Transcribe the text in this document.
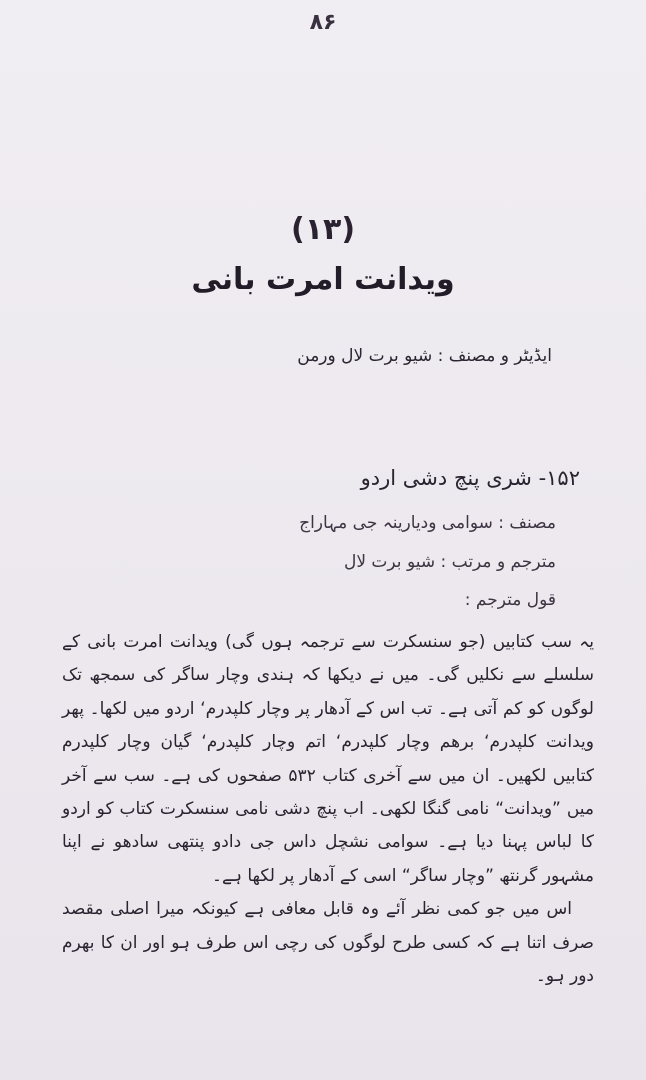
۸۶
(۱۳)
ویدانت امرت بانی
ایڈیٹر و مصنف : شیو برت لال ورمن
۱۵۲- شری پنچ دشی اردو
مصنف : سوامی ودیارینہ جی مہاراج
مترجم و مرتب : شیو برت لال
قول مترجم :

یہ سب کتابیں (جو سنسکرت سے ترجمہ ہوں گی) ویدانت امرت بانی کے سلسلے سے نکلیں گی۔ میں نے دیکھا کہ ہندی وچار ساگر کی سمجھ تک لوگوں کو کم آتی ہے۔ تب اس کے آدھار پر وچار کلپدرم‘ اردو میں لکھا۔ پھر ویدانت کلپدرم‘ برھم وچار کلپدرم‘ اتم وچار کلپدرم‘ گیان وچار کلپدرم کتابیں لکھیں۔ ان میں سے آخری کتاب ۵۳۲ صفحوں کی ہے۔ سب سے آخر میں ”ویدانت“ نامی گنگا لکھی۔ اب پنچ دشی نامی سنسکرت کتاب کو اردو کا لباس پہنا دیا ہے۔ سوامی نشچل داس جی دادو پنتھی سادھو نے اپنا مشہور گرنتھ ”وچار ساگر“ اسی کے آدھار پر لکھا ہے۔

اس میں جو کمی نظر آئے وہ قابل معافی ہے کیونکہ میرا اصلی مقصد صرف اتنا ہے کہ کسی طرح لوگوں کی رچی اس طرف ہو اور ان کا بھرم دور ہو۔
